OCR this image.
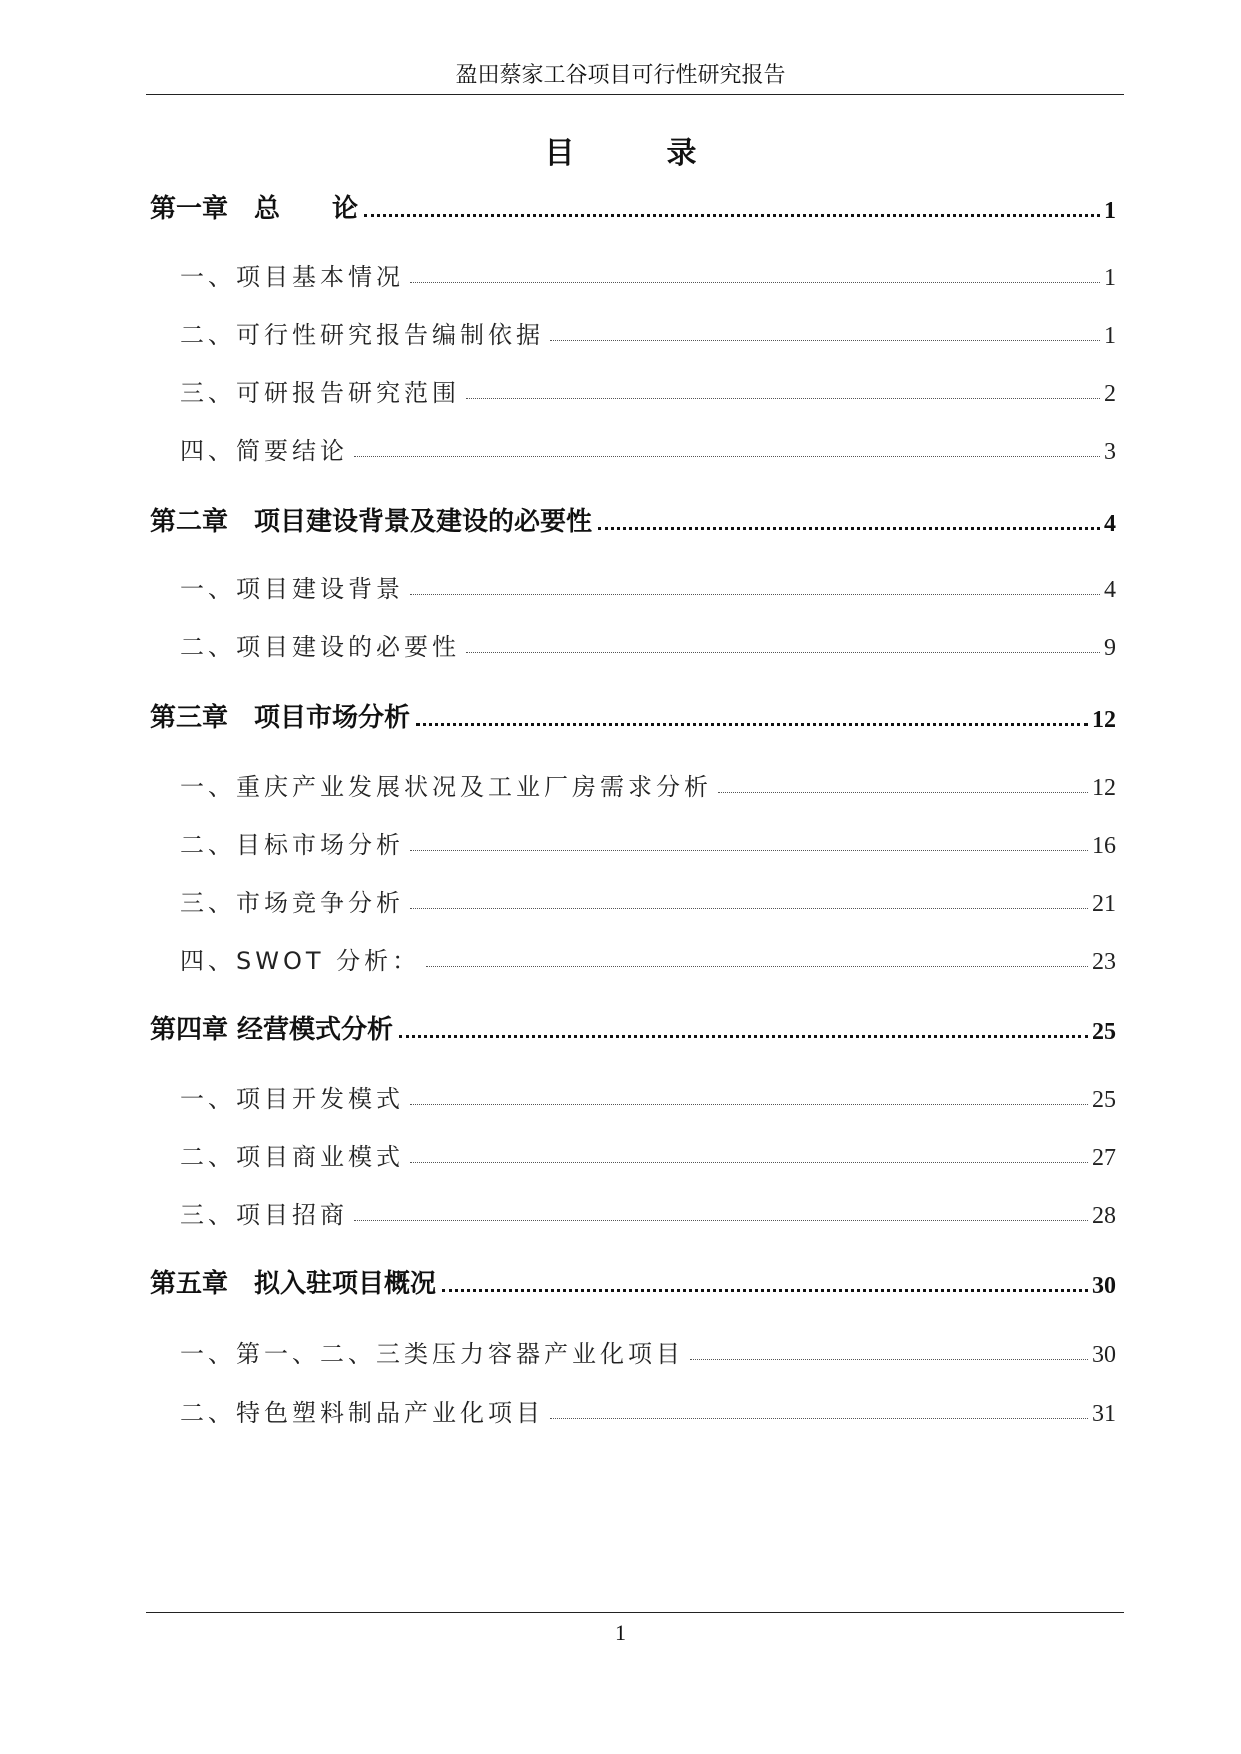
盈田蔡家工谷项目可行性研究报告
目录
第一章　总　　论	1
一、项目基本情况	1
二、可行性研究报告编制依据	1
三、可研报告研究范围	2
四、简要结论	3
第二章　项目建设背景及建设的必要性	4
一、项目建设背景	4
二、项目建设的必要性	9
第三章　项目市场分析	12
一、重庆产业发展状况及工业厂房需求分析	12
二、目标市场分析	16
三、市场竞争分析	21
四、SWOT 分析：	23
第四章 经营模式分析	25
一、项目开发模式	25
二、项目商业模式	27
三、项目招商	28
第五章　拟入驻项目概况	30
一、第一、二、三类压力容器产业化项目	30
二、特色塑料制品产业化项目	31
1
